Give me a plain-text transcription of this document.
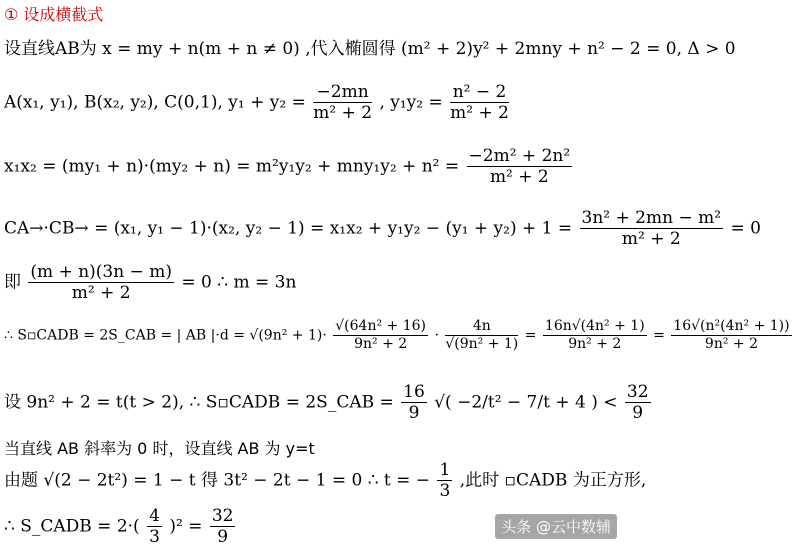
① 设成横截式
设直线AB为 x = my + n(m + n ≠ 0) ,代入椭圆得 (m² + 2)y² + 2mny + n² − 2 = 0, Δ > 0
A(x₁, y₁), B(x₂, y₂), C(0,1), $y_1 + y_2 = \frac{-2mn}{\text{m² + 2}}$ , $y_1y_2 = \frac{\text{n² − 2}}{\text{m² + 2}}$
$x_1x_2 = (my_1 + n)\cdot(my_2 + n) = m^2y_1y_2 + mny_1y_2 + n^2 = \frac{\text{−2m² + 2n²}}{\text{m² + 2}}$
CA→·CB→ = (x₁, y₁ − 1)·(x₂, $y_2 - 1) = x_1x_2 + y_1y_2 - (y_1 + y_2) + 1 = \frac{\text{3n² + 2mn − m²}}{\text{m² + 2}} = 0$
即 $\frac{(m + n)(3n - m)}{\text{m² + 2}} = 0$ ∴ m = 3n
∴ S▫CADB = 2S_CAB = | AB $|\cdot d = √(9n^2 + 1)\cdot \frac{\text{√(64n² + 16)}}{\text{9n² + 2}} \cdot \frac{4n}{\text{√(9n² + 1)}} = \frac{\text{16n√(4n² + 1)}}{\text{9n² + 2}} = \frac{\text{16√(n²(4n² + 1))}}{\text{9n² + 2}}$
设 9n² + 2 = t(t > 2), ∴ S▫CADB = 2S_CAB = $\frac{16}{9}$ √( −2/t² − 7/t + 4 ) < $\frac{32}{9}$
当直线 AB 斜率为 0 时，设直线 AB 为 y=t
由题 √(2 − 2t²) = 1 − t 得 3t² − 2t − 1 = 0 ∴ t = − $\frac{1}{3}$ ,此时 ▫CADB 为正方形,
∴ S_CADB = $2\cdot( \frac{4}{3} )^2 = \frac{32}{9}$	头条 @云中数辅
